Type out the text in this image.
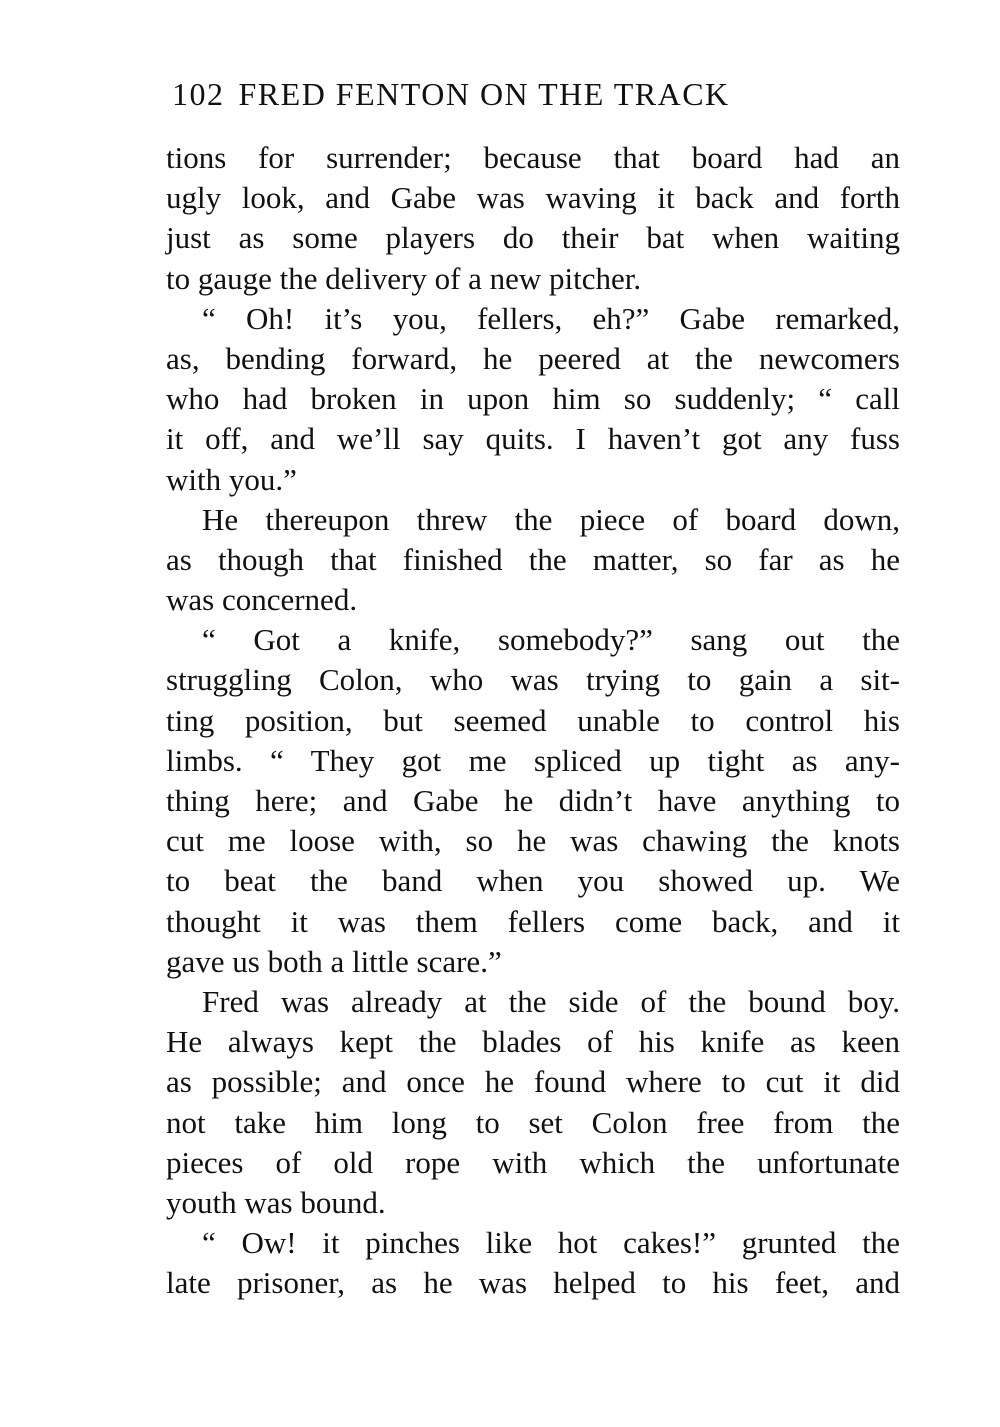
102 FRED FENTON ON THE TRACK
tions for surrender; because that board had an
ugly look, and Gabe was waving it back and forth
just as some players do their bat when waiting
to gauge the delivery of a new pitcher.
“ Oh! it’s you, fellers, eh?” Gabe remarked,
as, bending forward, he peered at the newcomers
who had broken in upon him so suddenly; “ call
it off, and we’ll say quits. I haven’t got any fuss
with you.”
He thereupon threw the piece of board down,
as though that finished the matter, so far as he
was concerned.
“ Got a knife, somebody?” sang out the
struggling Colon, who was trying to gain a sit-
ting position, but seemed unable to control his
limbs. “ They got me spliced up tight as any-
thing here; and Gabe he didn’t have anything to
cut me loose with, so he was chawing the knots
to beat the band when you showed up. We
thought it was them fellers come back, and it
gave us both a little scare.”
Fred was already at the side of the bound boy.
He always kept the blades of his knife as keen
as possible; and once he found where to cut it did
not take him long to set Colon free from the
pieces of old rope with which the unfortunate
youth was bound.
“ Ow! it pinches like hot cakes!” grunted the
late prisoner, as he was helped to his feet, and
